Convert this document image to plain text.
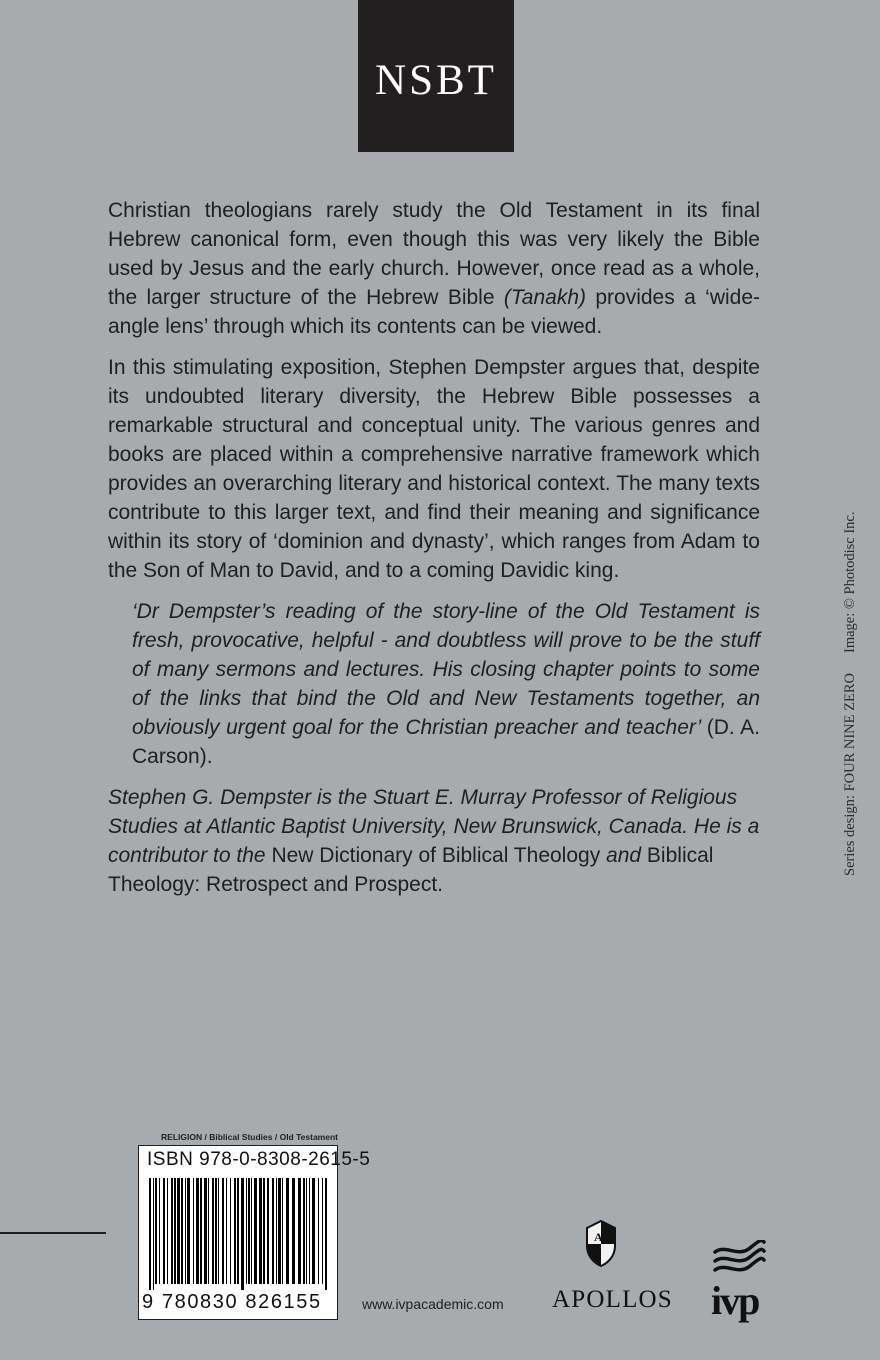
NSBT

Christian theologians rarely study the Old Testament in its final Hebrew canonical form, even though this was very likely the Bible used by Jesus and the early church. However, once read as a whole, the larger structure of the Hebrew Bible (Tanakh) provides a ‘wide-angle lens’ through which its contents can be viewed.

In this stimulating exposition, Stephen Dempster argues that, despite its undoubted literary diversity, the Hebrew Bible possesses a remarkable structural and conceptual unity. The various genres and books are placed within a comprehensive narrative framework which provides an overarching literary and historical context. The many texts contribute to this larger text, and find their meaning and significance within its story of ‘dominion and dynasty’, which ranges from Adam to the Son of Man to David, and to a coming Davidic king.

‘Dr Dempster’s reading of the story-line of the Old Testament is fresh, provocative, helpful - and doubtless will prove to be the stuff of many sermons and lectures. His closing chapter points to some of the links that bind the Old and New Testaments together, an obviously urgent goal for the Christian preacher and teacher’ (D. A. Carson).

Stephen G. Dempster is the Stuart E. Murray Professor of Religious Studies at Atlantic Baptist University, New Brunswick, Canada. He is a contributor to the New Dictionary of Biblical Theology and Biblical Theology: Retrospect and Prospect.

Series design: FOUR NINE ZEROImage: © Photodisc Inc.
RELIGION / Biblical Studies / Old Testament
ISBN 978-0-8308-2615-5
9 780830 826155	www.ivpacademic.com
A
APOLLOS ivp
